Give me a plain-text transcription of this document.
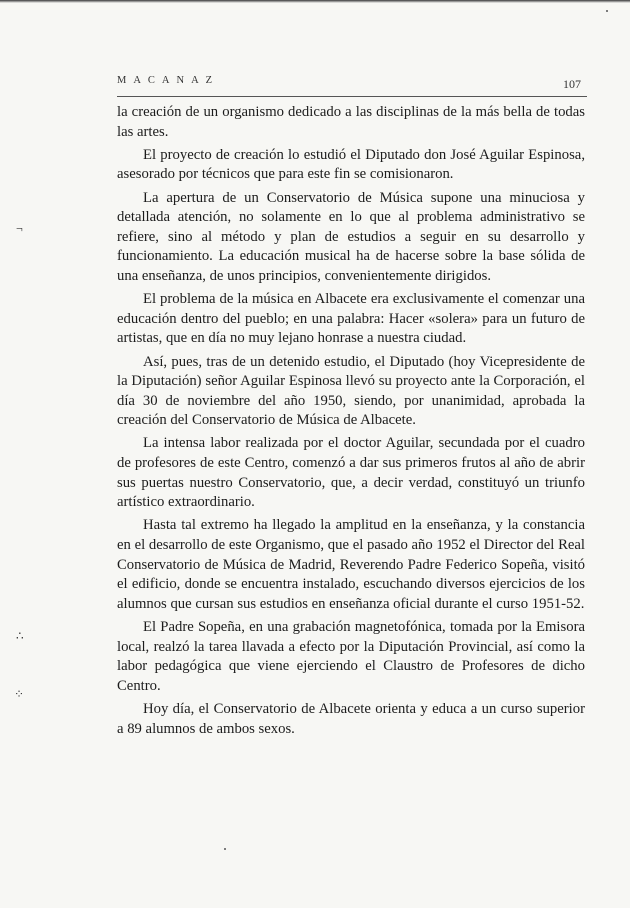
MACANAZ	107

la creación de un organismo dedicado a las disciplinas de la más bella de todas las artes.

El proyecto de creación lo estudió el Diputado don José Aguilar Espinosa, asesorado por técnicos que para este fin se comisionaron.

La apertura de un Conservatorio de Música supone una minuciosa y detallada atención, no solamente en lo que al problema administrativo se refiere, sino al método y plan de estudios a seguir en su desarrollo y funcionamiento. La educación musical ha de hacerse sobre la base sólida de una enseñanza, de unos principios, convenientemente dirigidos.

El problema de la música en Albacete era exclusivamente el comenzar una educación dentro del pueblo; en una palabra: Hacer «solera» para un futuro de artistas, que en día no muy lejano honrase a nuestra ciudad.

Así, pues, tras de un detenido estudio, el Diputado (hoy Vicepresidente de la Diputación) señor Aguilar Espinosa llevó su proyecto ante la Corporación, el día 30 de noviembre del año 1950, siendo, por unanimidad, aprobada la creación del Conservatorio de Música de Albacete.

La intensa labor realizada por el doctor Aguilar, secundada por el cuadro de profesores de este Centro, comenzó a dar sus primeros frutos al año de abrir sus puertas nuestro Conservatorio, que, a decir verdad, constituyó un triunfo artístico extraordinario.

Hasta tal extremo ha llegado la amplitud en la enseñanza, y la constancia en el desarrollo de este Organismo, que el pasado año 1952 el Director del Real Conservatorio de Música de Madrid, Reverendo Padre Federico Sopeña, visitó el edificio, donde se encuentra instalado, escuchando diversos ejercicios de los alumnos que cursan sus estudios en enseñanza oficial durante el curso 1951-52.

El Padre Sopeña, en una grabación magnetofónica, tomada por la Emisora local, realzó la tarea llavada a efecto por la Diputación Provincial, así como la labor pedagógica que viene ejerciendo el Claustro de Profesores de dicho Centro.

Hoy día, el Conservatorio de Albacete orienta y educa a un curso superior a 89 alumnos de ambos sexos.

¬
∴
⁘
